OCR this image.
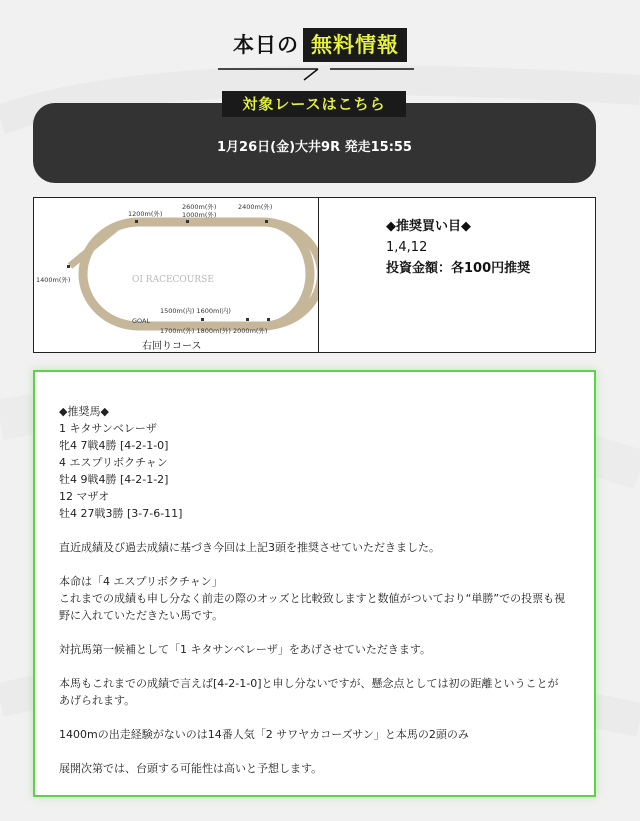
本日の 無料情報
対象レースはこちら
1月26日(金)大井9R 発走15:55
OI RACECOURSE
1200m(外)
2600m(外)
1000m(外)
2400m(外)
1400m(外)
1500m(内) 1600m(内)
GOAL
1700m(外) 1800m(外) 2000m(外)
右回りコース
◆推奨買い目◆
1,4,12
投資金額：各100円推奨

◆推奨馬◆

1 キタサンベレーザ

牝4 7戦4勝 [4-2-1-0]

4 エスプリボクチャン

牡4 9戦4勝 [4-2-1-2]

12 マザオ

牡4 27戦3勝 [3-7-6-11]

直近成績及び過去成績に基づき今回は上記3頭を推奨させていただきました。

本命は「4 エスプリボクチャン」

これまでの成績も申し分なく前走の際のオッズと比較致しますと数値がついており“単勝”での投票も視

野に入れていただきたい馬です。

対抗馬第一候補として「1 キタサンベレーザ」をあげさせていただきます。

本馬もこれまでの成績で言えば[4-2-1-0]と申し分ないですが、懸念点としては初の距離ということが

あげられます。

1400mの出走経験がないのは14番人気「2 サワヤカコーズサン」と本馬の2頭のみ

展開次第では、台頭する可能性は高いと予想します。
